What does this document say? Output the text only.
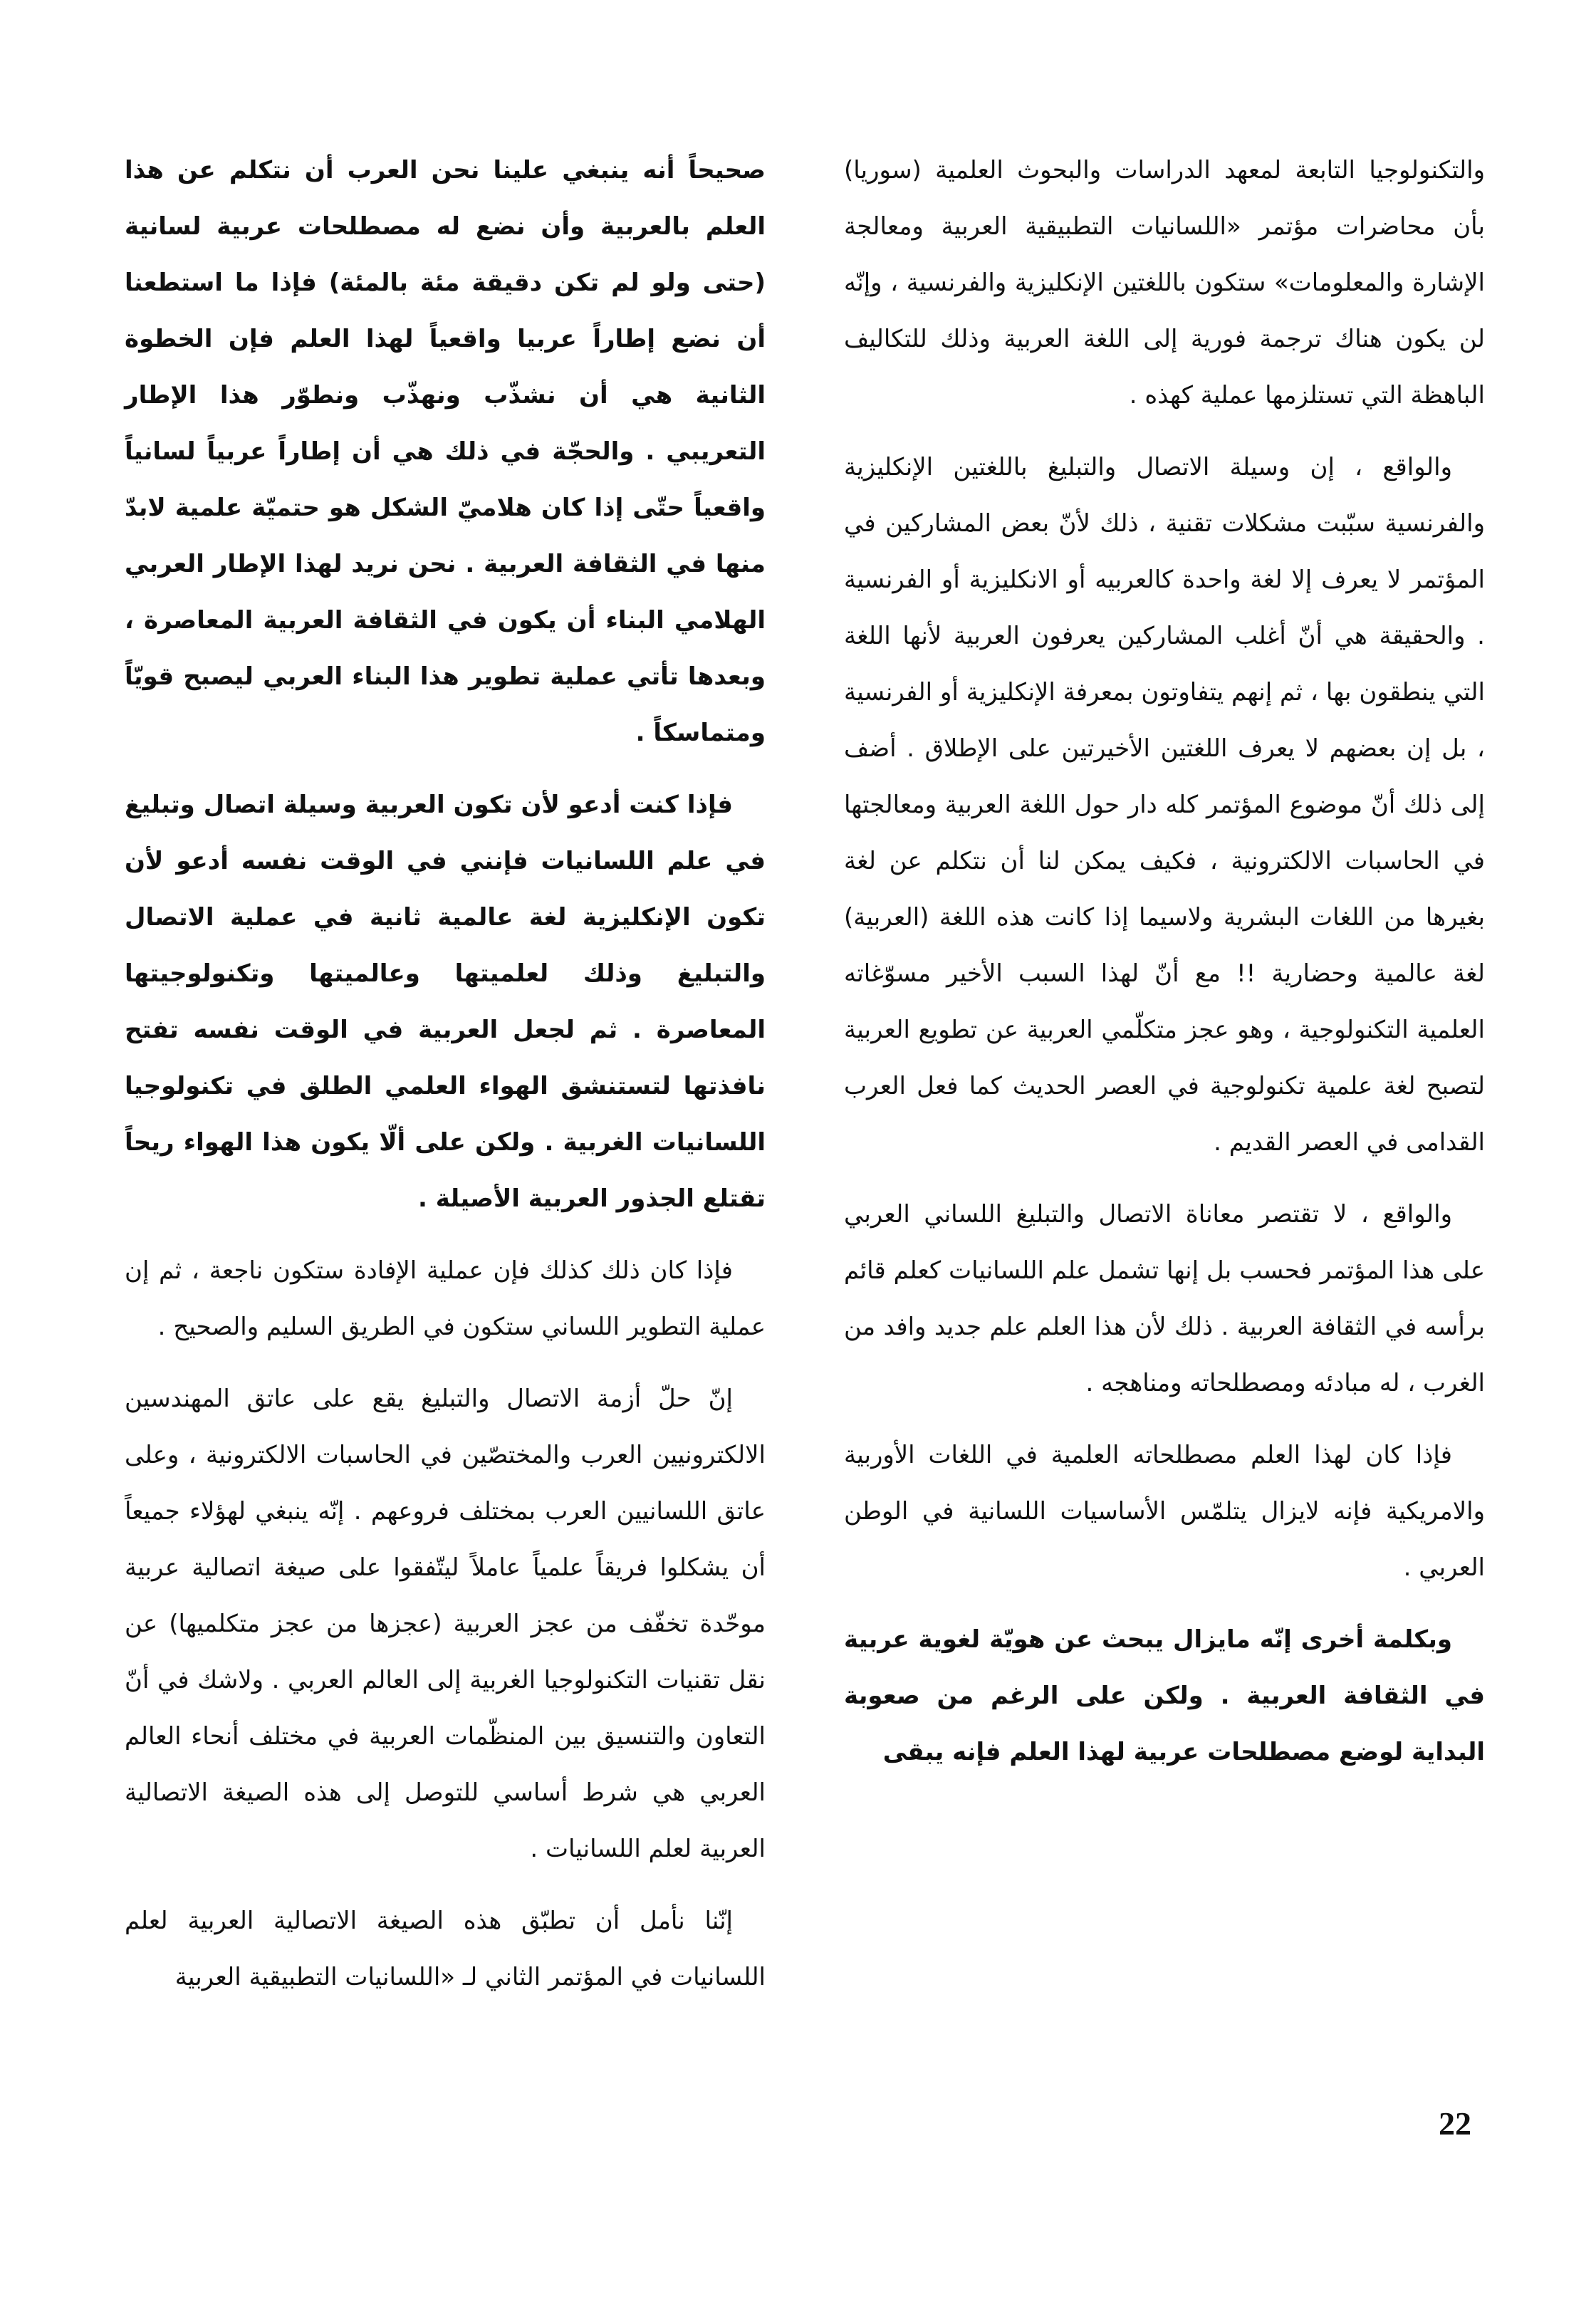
والتكنولوجيا التابعة لمعهد الدراسات والبحوث العلمية (سوريا) بأن محاضرات مؤتمر «اللسانيات التطبيقية العربية ومعالجة الإشارة والمعلومات» ستكون باللغتين الإنكليزية والفرنسية ، وإنّه لن يكون هناك ترجمة فورية إلى اللغة العربية وذلك للتكاليف الباهظة التي تستلزمها عملية كهذه .

والواقع ، إن وسيلة الاتصال والتبليغ باللغتين الإنكليزية والفرنسية سبّبت مشكلات تقنية ، ذلك لأنّ بعض المشاركين في المؤتمر لا يعرف إلا لغة واحدة كالعربيه أو الانكليزية أو الفرنسية . والحقيقة هي أنّ أغلب المشاركين يعرفون العربية لأنها اللغة التي ينطقون بها ، ثم إنهم يتفاوتون بمعرفة الإنكليزية أو الفرنسية ، بل إن بعضهم لا يعرف اللغتين الأخيرتين على الإطلاق . أضف إلى ذلك أنّ موضوع المؤتمر كله دار حول اللغة العربية ومعالجتها في الحاسبات الالكترونية ، فكيف يمكن لنا أن نتكلم عن لغة بغيرها من اللغات البشرية ولاسيما إذا كانت هذه اللغة (العربية) لغة عالمية وحضارية !! مع أنّ لهذا السبب الأخير مسوّغاته العلمية التكنولوجية ، وهو عجز متكلّمي العربية عن تطويع العربية لتصبح لغة علمية تكنولوجية في العصر الحديث كما فعل العرب القدامى في العصر القديم .

والواقع ، لا تقتصر معاناة الاتصال والتبليغ اللساني العربي على هذا المؤتمر فحسب بل إنها تشمل علم اللسانيات كعلم قائم برأسه في الثقافة العربية . ذلك لأن هذا العلم علم جديد وافد من الغرب ، له مبادئه ومصطلحاته ومناهجه .

فإذا كان لهذا العلم مصطلحاته العلمية في اللغات الأوربية والامريكية فإنه لايزال يتلمّس الأساسيات اللسانية في الوطن العربي .

وبكلمة أخرى إنّه مايزال يبحث عن هويّة لغوية عربية في الثقافة العربية . ولكن على الرغم من صعوبة البداية لوضع مصطلحات عربية لهذا العلم فإنه يبقى

صحيحاً أنه ينبغي علينا نحن العرب أن نتكلم عن هذا العلم بالعربية وأن نضع له مصطلحات عربية لسانية (حتى ولو لم تكن دقيقة مئة بالمئة) فإذا ما استطعنا أن نضع إطاراً عربيا واقعياً لهذا العلم فإن الخطوة الثانية هي أن نشذّب ونهذّب ونطوّر هذا الإطار التعريبي . والحجّة في ذلك هي أن إطاراً عربياً لسانياً واقعياً حتّى إذا كان هلاميّ الشكل هو حتميّة علمية لابدّ منها في الثقافة العربية . نحن نريد لهذا الإطار العربي الهلامي البناء أن يكون في الثقافة العربية المعاصرة ، وبعدها تأتي عملية تطوير هذا البناء العربي ليصبح قويّاً ومتماسكاً .

فإذا كنت أدعو لأن تكون العربية وسيلة اتصال وتبليغ في علم اللسانيات فإنني في الوقت نفسه أدعو لأن تكون الإنكليزية لغة عالمية ثانية في عملية الاتصال والتبليغ وذلك لعلميتها وعالميتها وتكنولوجيتها المعاصرة . ثم لجعل العربية في الوقت نفسه تفتح نافذتها لتستنشق الهواء العلمي الطلق في تكنولوجيا اللسانيات الغربية . ولكن على ألّا يكون هذا الهواء ريحاً تقتلع الجذور العربية الأصيلة .

فإذا كان ذلك كذلك فإن عملية الإفادة ستكون ناجعة ، ثم إن عملية التطوير اللساني ستكون في الطريق السليم والصحيح .

إنّ حلّ أزمة الاتصال والتبليغ يقع على عاتق المهندسين الالكترونيين العرب والمختصّين في الحاسبات الالكترونية ، وعلى عاتق اللسانيين العرب بمختلف فروعهم . إنّه ينبغي لهؤلاء جميعاً أن يشكلوا فريقاً علمياً عاملاً ليتّفقوا على صيغة اتصالية عربية موحّدة تخفّف من عجز العربية (عجزها من عجز متكلميها) عن نقل تقنيات التكنولوجيا الغربية إلى العالم العربي . ولاشك في أنّ التعاون والتنسيق بين المنظّمات العربية في مختلف أنحاء العالم العربي هي شرط أساسي للتوصل إلى هذه الصيغة الاتصالية العربية لعلم اللسانيات .

إنّنا نأمل أن تطبّق هذه الصيغة الاتصالية العربية لعلم اللسانيات في المؤتمر الثاني لـ «اللسانيات التطبيقية العربية

22
